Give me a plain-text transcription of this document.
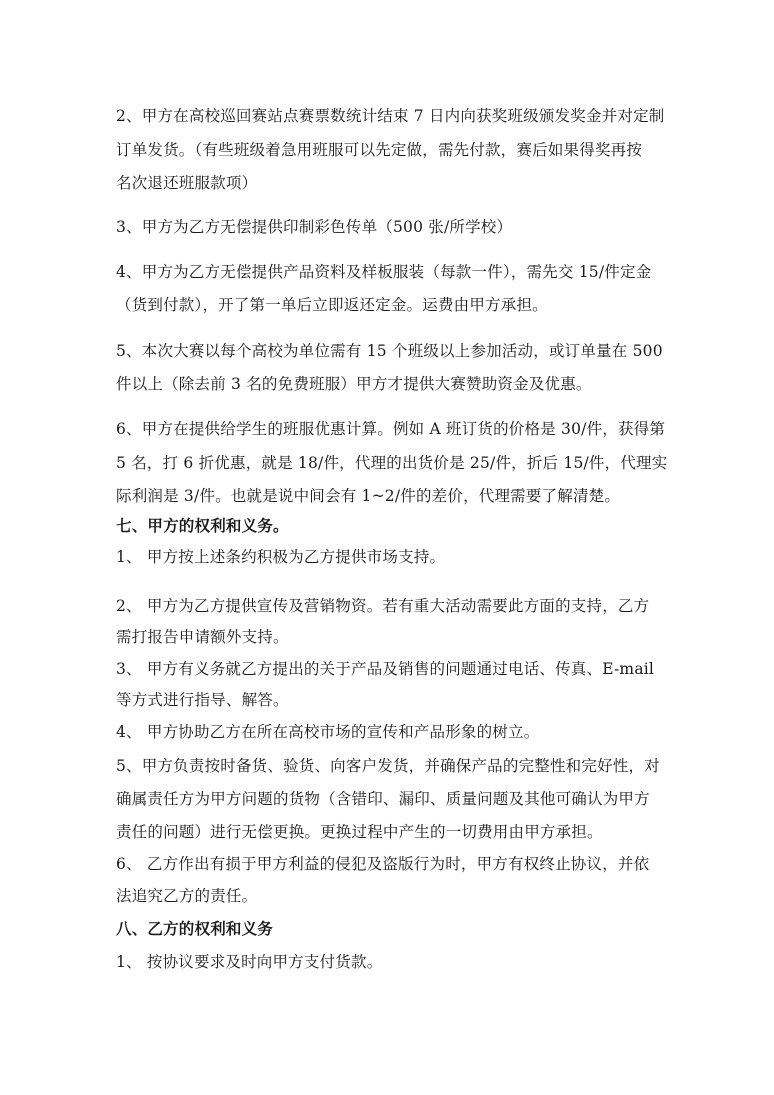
2、甲方在高校巡回赛站点赛票数统计结束 7 日内向获奖班级颁发奖金并对定制
订单发货。（有些班级着急用班服可以先定做，需先付款，赛后如果得奖再按
名次退还班服款项）
3、甲方为乙方无偿提供印制彩色传单（500 张/所学校）
4、甲方为乙方无偿提供产品资料及样板服装（每款一件），需先交 15/件定金
（货到付款），开了第一单后立即返还定金。运费由甲方承担。
5、本次大赛以每个高校为单位需有 15 个班级以上参加活动，或订单量在 500
件以上（除去前 3 名的免费班服）甲方才提供大赛赞助资金及优惠。
6、甲方在提供给学生的班服优惠计算。例如 A 班订货的价格是 30/件，获得第
5 名，打 6 折优惠，就是 18/件，代理的出货价是 25/件，折后 15/件，代理实
际利润是 3/件。也就是说中间会有 1~2/件的差价，代理需要了解清楚。
七、甲方的权利和义务。
1、 甲方按上述条约积极为乙方提供市场支持。
2、 甲方为乙方提供宣传及营销物资。若有重大活动需要此方面的支持，乙方
需打报告申请额外支持。
3、 甲方有义务就乙方提出的关于产品及销售的问题通过电话、传真、E-mail
等方式进行指导、解答。
4、 甲方协助乙方在所在高校市场的宣传和产品形象的树立。
5、甲方负责按时备货、验货、向客户发货，并确保产品的完整性和完好性，对
确属责任方为甲方问题的货物（含错印、漏印、质量问题及其他可确认为甲方
责任的问题）进行无偿更换。更换过程中产生的一切费用由甲方承担。
6、 乙方作出有损于甲方利益的侵犯及盗版行为时，甲方有权终止协议，并依
法追究乙方的责任。
八、乙方的权利和义务
1、 按协议要求及时向甲方支付货款。
